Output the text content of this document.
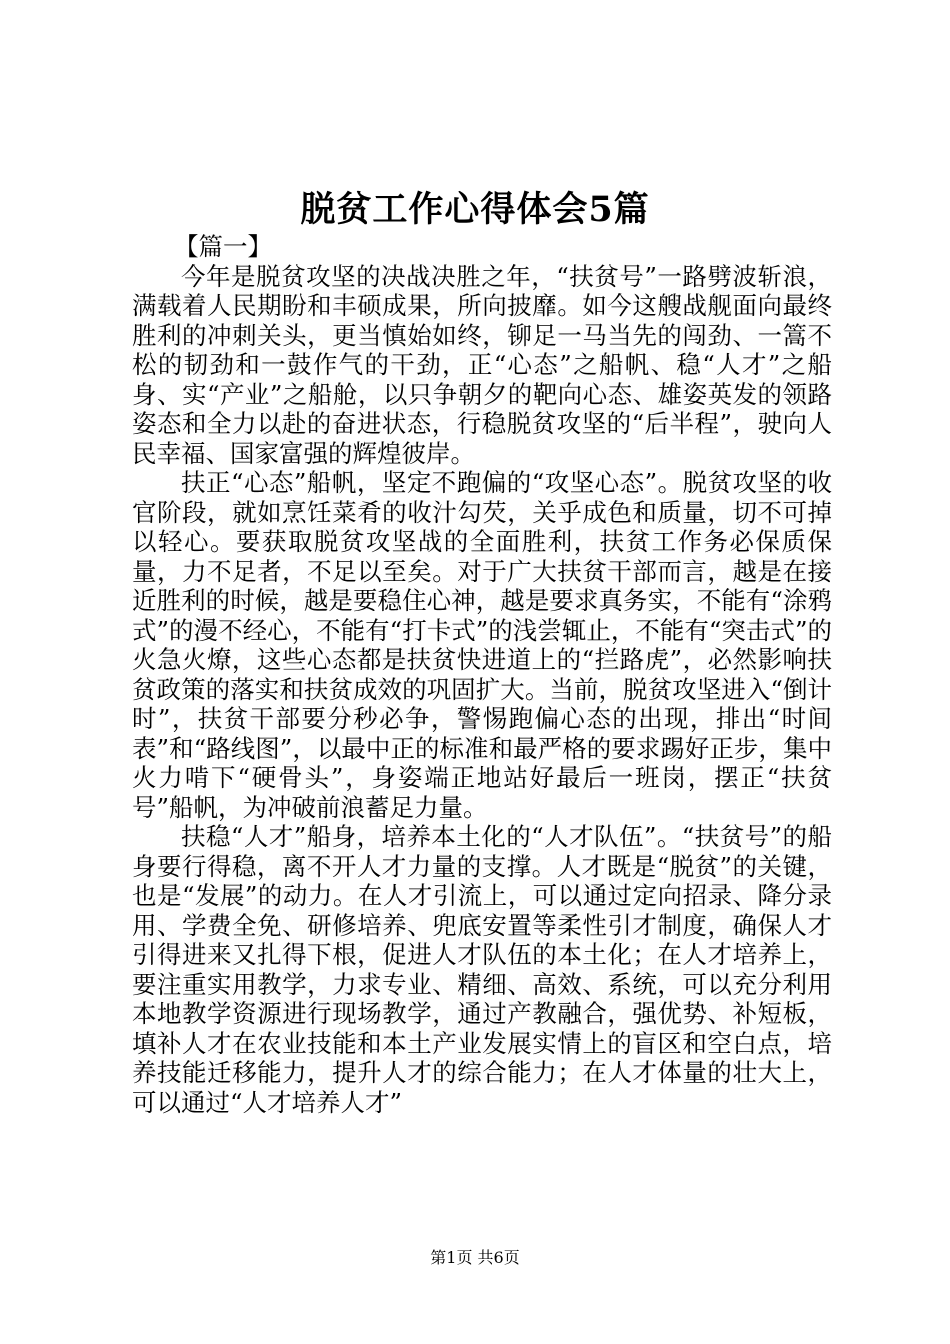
脱贫工作心得体会5篇

【篇一】

今年是脱贫攻坚的决战决胜之年，“扶贫号”一路劈波斩浪，满载着人民期盼和丰硕成果，所向披靡。如今这艘战舰面向最终胜利的冲刺关头，更当慎始如终，铆足一马当先的闯劲、一篙不松的韧劲和一鼓作气的干劲，正“心态”之船帆、稳“人才”之船身、实“产业”之船舱，以只争朝夕的靶向心态、雄姿英发的领路姿态和全力以赴的奋进状态，行稳脱贫攻坚的“后半程”，驶向人民幸福、国家富强的辉煌彼岸。

扶正“心态”船帆，坚定不跑偏的“攻坚心态”。脱贫攻坚的收官阶段，就如烹饪菜肴的收汁勾芡，关乎成色和质量，切不可掉以轻心。要获取脱贫攻坚战的全面胜利，扶贫工作务必保质保量，力不足者，不足以至矣。对于广大扶贫干部而言，越是在接近胜利的时候，越是要稳住心神，越是要求真务实，不能有“涂鸦式”的漫不经心，不能有“打卡式”的浅尝辄止，不能有“突击式”的火急火燎，这些心态都是扶贫快进道上的“拦路虎”，必然影响扶贫政策的落实和扶贫成效的巩固扩大。当前，脱贫攻坚进入“倒计时”，扶贫干部要分秒必争，警惕跑偏心态的出现，排出“时间表”和“路线图”，以最中正的标准和最严格的要求踢好正步，集中火力啃下“硬骨头”，身姿端正地站好最后一班岗，摆正“扶贫号”船帆，为冲破前浪蓄足力量。

扶稳“人才”船身，培养本土化的“人才队伍”。“扶贫号”的船身要行得稳，离不开人才力量的支撑。人才既是“脱贫”的关键，也是“发展”的动力。在人才引流上，可以通过定向招录、降分录用、学费全免、研修培养、兜底安置等柔性引才制度，确保人才引得进来又扎得下根，促进人才队伍的本土化；在人才培养上，要注重实用教学，力求专业、精细、高效、系统，可以充分利用本地教学资源进行现场教学，通过产教融合，强优势、补短板，填补人才在农业技能和本土产业发展实情上的盲区和空白点，培养技能迁移能力，提升人才的综合能力；在人才体量的壮大上，可以通过“人才培养人才”

第1页 共6页
